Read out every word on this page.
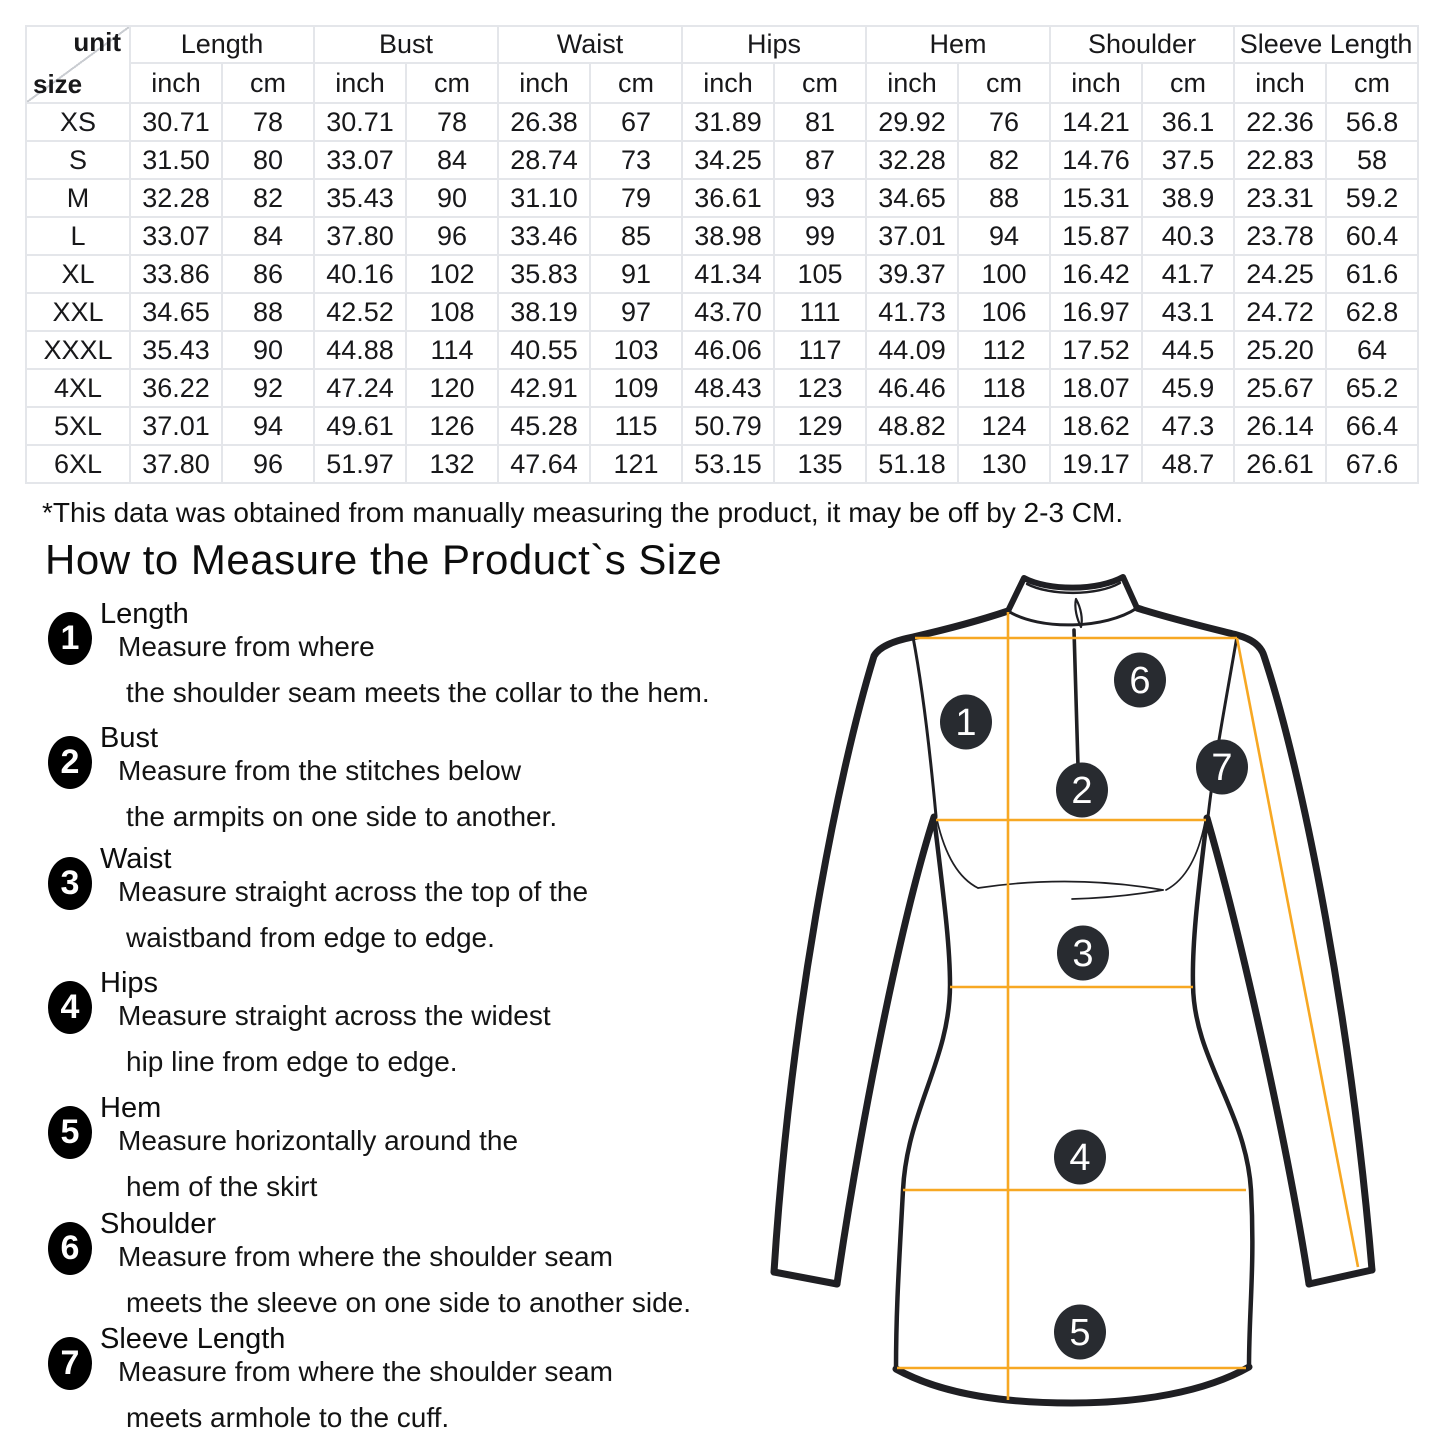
unit
size	Length		Bust		Waist		Hips		Hem		Shoulder		Sleeve Length	
	inch	cm	inch	cm	inch	cm	inch	cm	inch	cm	inch	cm	inch	cm
XS	30.71	78	30.71	78	26.38	67	31.89	81	29.92	76	14.21	36.1	22.36	56.8
S	31.50	80	33.07	84	28.74	73	34.25	87	32.28	82	14.76	37.5	22.83	58
M	32.28	82	35.43	90	31.10	79	36.61	93	34.65	88	15.31	38.9	23.31	59.2
L	33.07	84	37.80	96	33.46	85	38.98	99	37.01	94	15.87	40.3	23.78	60.4
XL	33.86	86	40.16	102	35.83	91	41.34	105	39.37	100	16.42	41.7	24.25	61.6
XXL	34.65	88	42.52	108	38.19	97	43.70	111	41.73	106	16.97	43.1	24.72	62.8
XXXL	35.43	90	44.88	114	40.55	103	46.06	117	44.09	112	17.52	44.5	25.20	64
4XL	36.22	92	47.24	120	42.91	109	48.43	123	46.46	118	18.07	45.9	25.67	65.2
5XL	37.01	94	49.61	126	45.28	115	50.79	129	48.82	124	18.62	47.3	26.14	66.4
6XL	37.80	96	51.97	132	47.64	121	53.15	135	51.18	130	19.17	48.7	26.61	67.6
*This data was obtained from manually measuring the product, it may be off by 2-3 CM.
How to Measure the Product`s Size
1
Length
Measure from where
the shoulder seam meets the collar to the hem.
2
Bust
Measure from the stitches below
the armpits on one side to another.
3
Waist
Measure straight across the top of the
waistband from edge to edge.
4
Hips
Measure straight across the widest
hip line from edge to edge.
5
Hem
Measure horizontally around the
hem of the skirt
6
Shoulder
Measure from where the shoulder seam
meets the sleeve on one side to another side.
7
Sleeve Length
Measure from where the shoulder seam
meets armhole to the cuff.
1
2
3
4
5
6
7
